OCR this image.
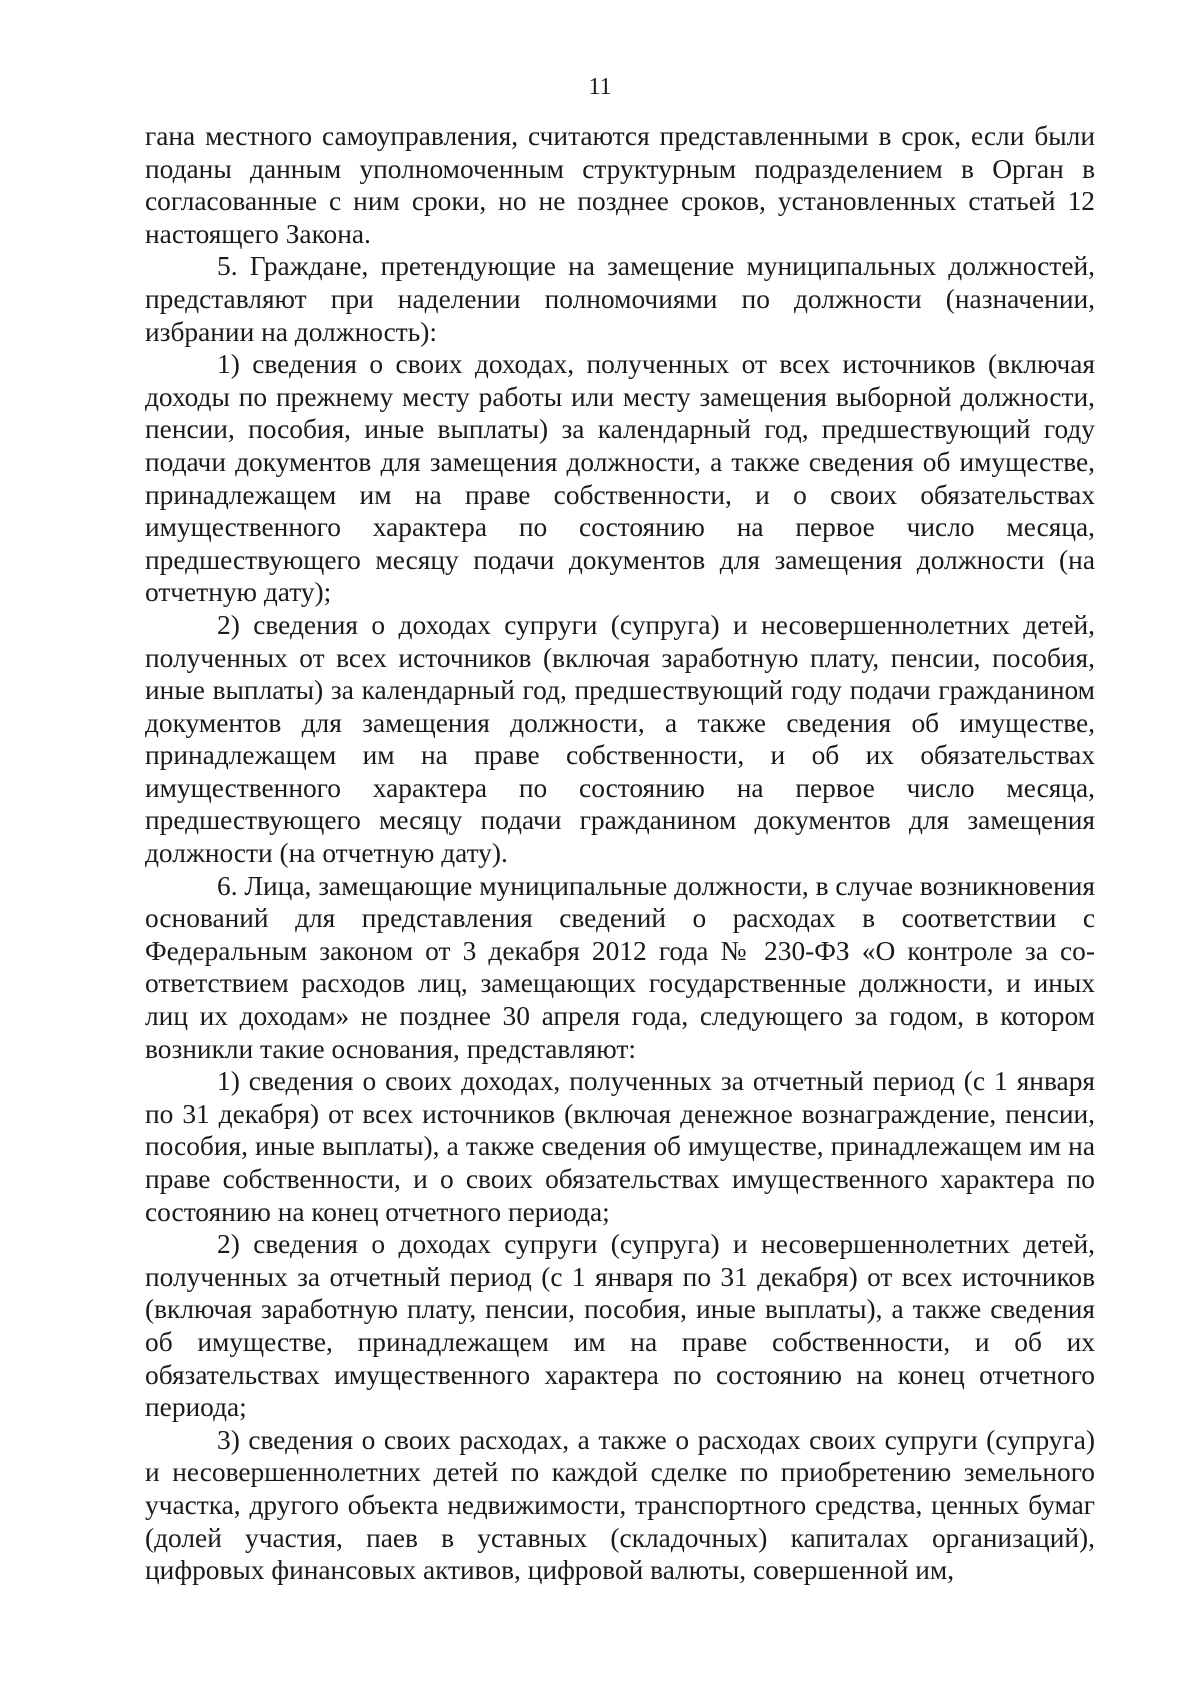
11

гана местного самоуправления, считаются представленными в срок, если были поданы данным уполномоченным структурным подразделением в Орган в согласованные с ним сроки, но не позднее сроков, установленных статьей 12 настоящего Закона.

5. Граждане, претендующие на замещение муниципальных должностей, представляют при наделении полномочиями по должности (назначении, избрании на должность):

1) сведения о своих доходах, полученных от всех источников (включая доходы по прежнему месту работы или месту замещения выборной должности, пенсии, пособия, иные выплаты) за календарный год, предшествующий году подачи документов для замещения должности, а также сведения об имуществе, принадлежащем им на праве собственности, и о своих обязательствах имущественного характера по состоянию на первое число месяца, предшествующего месяцу подачи документов для замещения должности (на отчетную дату);

2) сведения о доходах супруги (супруга) и несовершеннолетних детей, полученных от всех источников (включая заработную плату, пенсии, пособия, иные выплаты) за календарный год, предшествующий году подачи гражданином документов для замещения должности, а также сведения об имуществе, принадлежащем им на праве собственности, и об их обязательствах имущественного характера по состоянию на первое число месяца, предшествующего месяцу подачи гражданином документов для замещения должности (на отчетную дату).

6. Лица, замещающие муниципальные должности, в случае возникновения оснований для представления сведений о расходах в соответствии с Федеральным законом от 3 декабря 2012 года № 230-ФЗ «О контроле за соответствием расходов лиц, замещающих государственные должности, и иных лиц их доходам» не позднее 30 апреля года, следующего за годом, в котором возникли такие основания, представляют:

1) сведения о своих доходах, полученных за отчетный период (с 1 января по 31 декабря) от всех источников (включая денежное вознаграждение, пенсии, пособия, иные выплаты), а также сведения об имуществе, принадлежащем им на праве собственности, и о своих обязательствах имущественного характера по состоянию на конец отчетного периода;

2) сведения о доходах супруги (супруга) и несовершеннолетних детей, полученных за отчетный период (с 1 января по 31 декабря) от всех источников (включая заработную плату, пенсии, пособия, иные выплаты), а также сведения об имуществе, принадлежащем им на праве собственности, и об их обязательствах имущественного характера по состоянию на конец отчетного периода;

3) сведения о своих расходах, а также о расходах своих супруги (супруга) и несовершеннолетних детей по каждой сделке по приобретению земельного участка, другого объекта недвижимости, транспортного средства, ценных бумаг (долей участия, паев в уставных (складочных) капиталах организаций), цифровых финансовых активов, цифровой валюты, совершенной им,
